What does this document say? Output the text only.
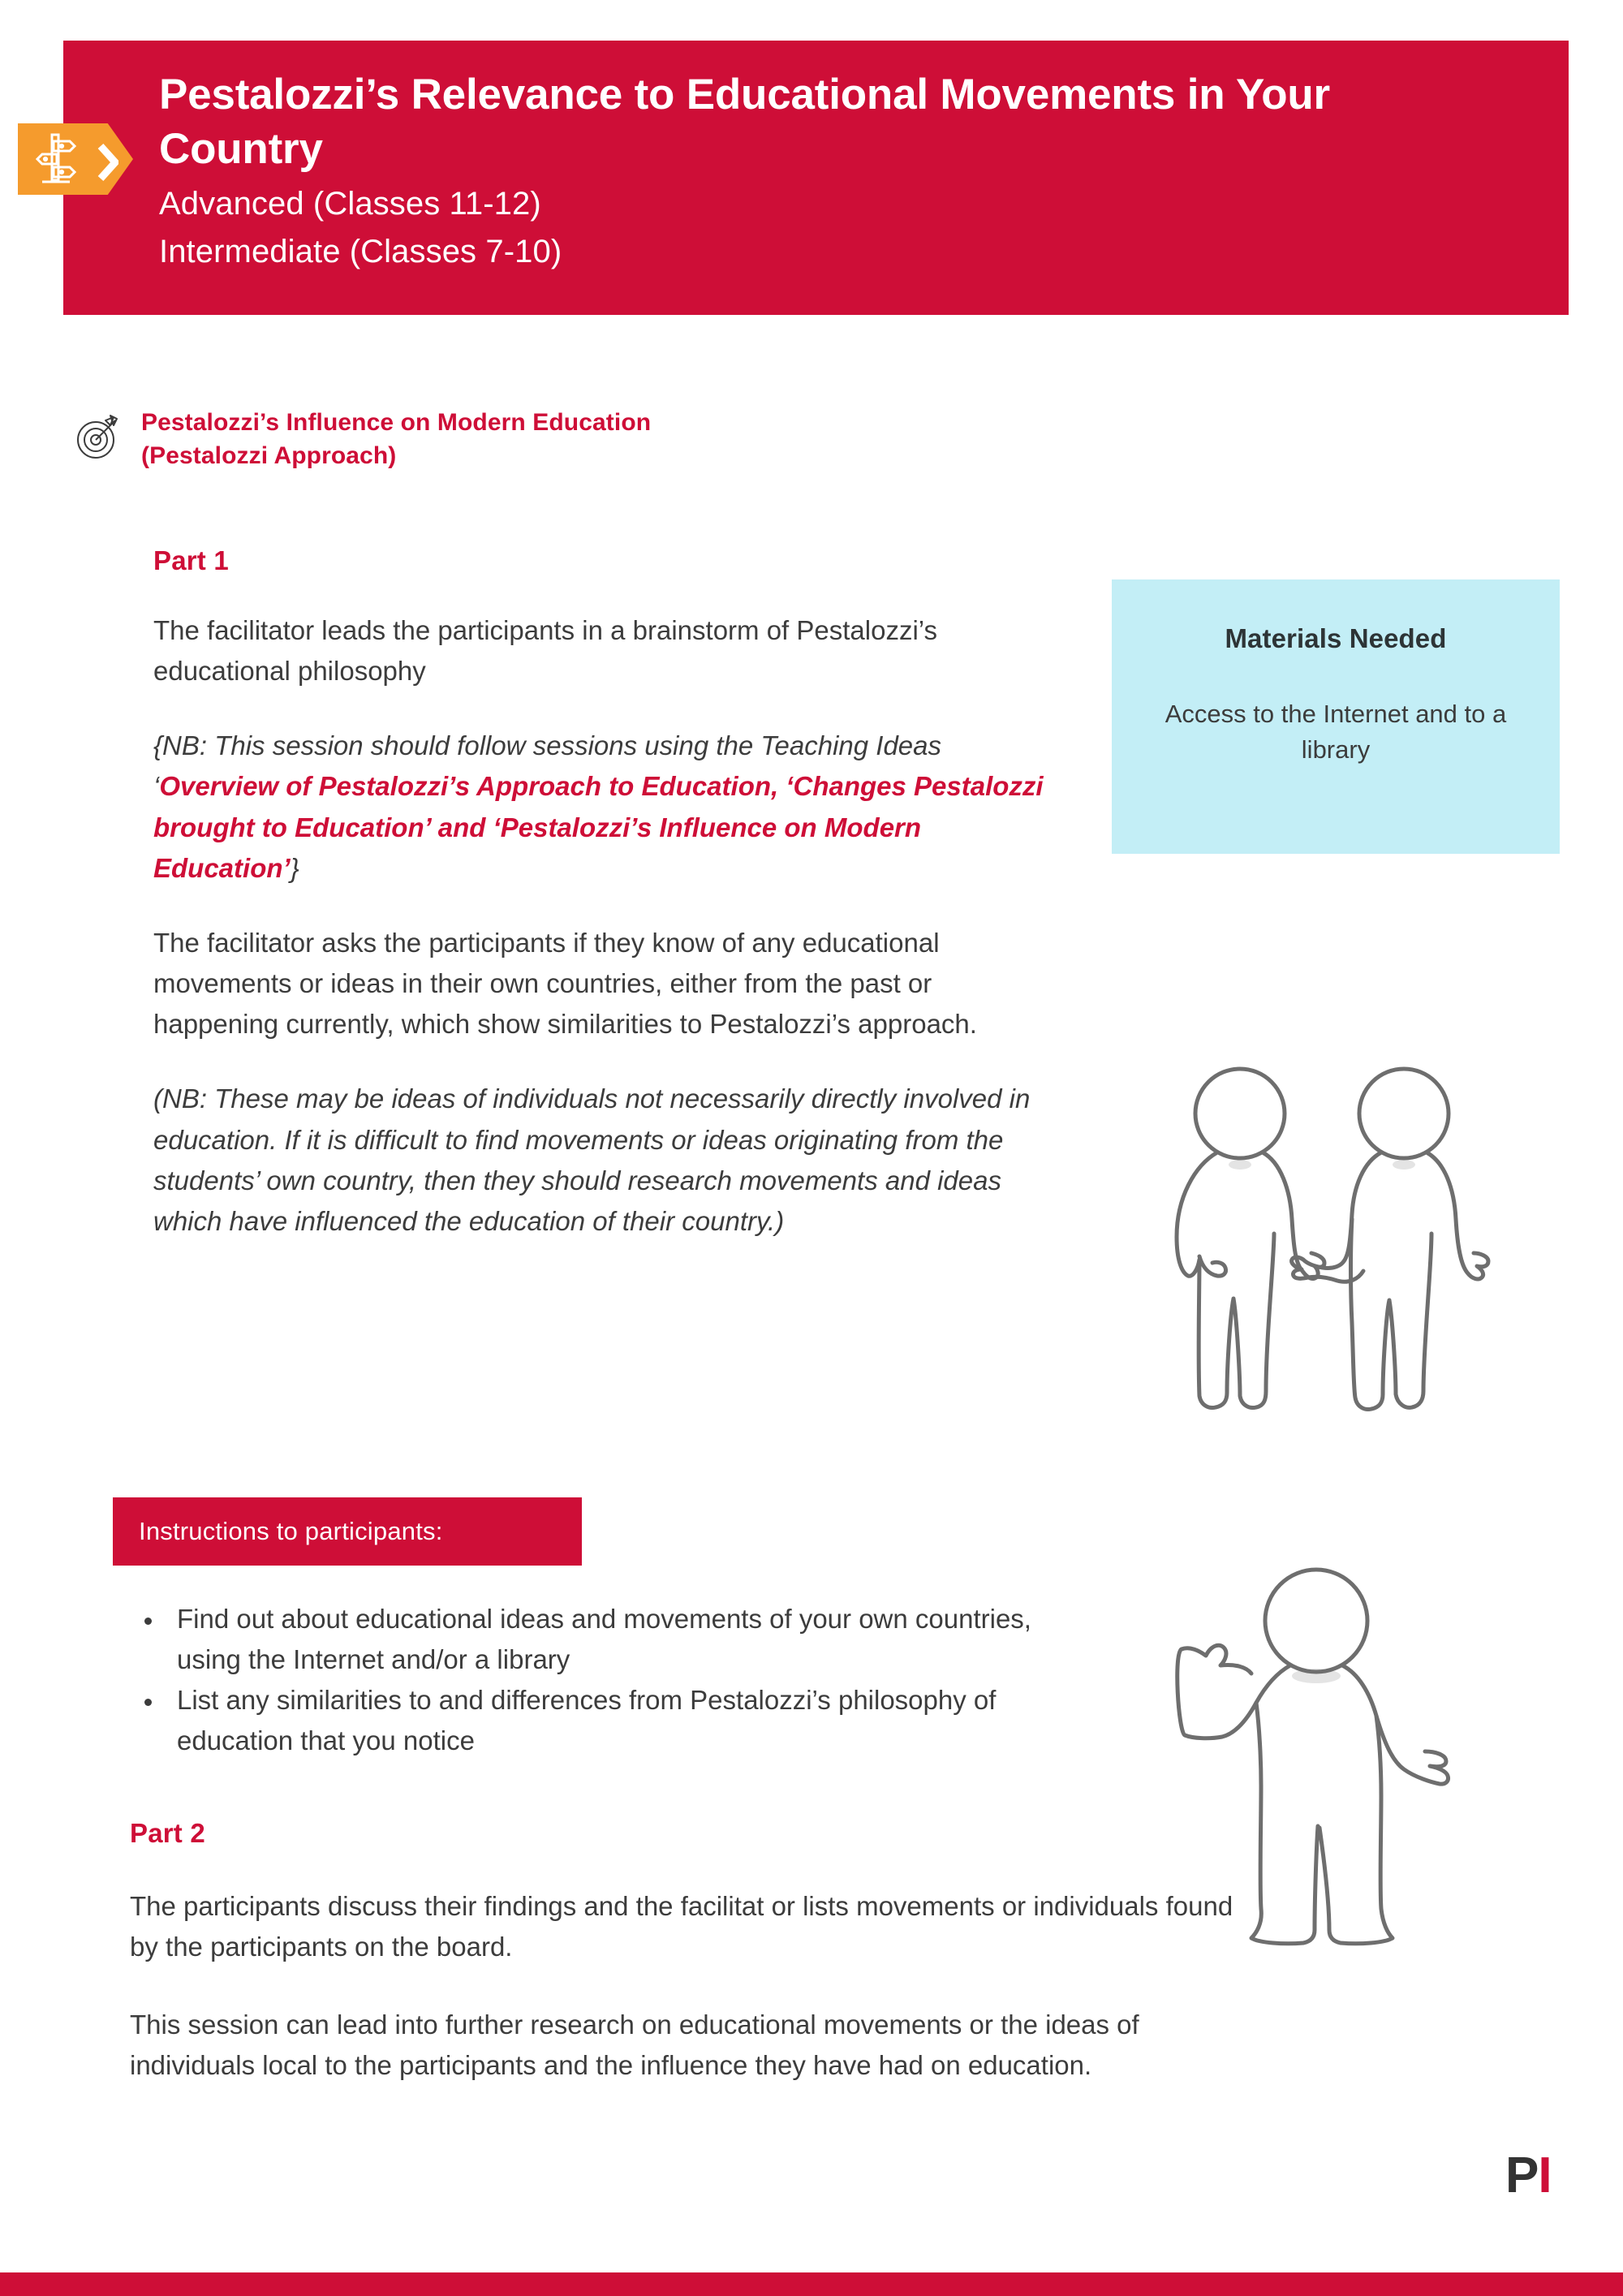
Pestalozzi’s Relevance to Educational Movements in Your Country
Advanced (Classes 11-12)
Intermediate (Classes 7-10)
Pestalozzi’s Influence on Modern Education
(Pestalozzi Approach)
Part 1

The facilitator leads the participants in a brainstorm of Pestalozzi’s educational philosophy

{NB: This session should follow sessions using the Teaching Ideas ‘Overview of Pestalozzi’s Approach to Education, ‘Changes Pestalozzi brought to Education’ and ‘Pestalozzi’s Influence on Modern Education’}

The facilitator asks the participants if they know of any educational movements or ideas in their own countries, either from the past or happening currently, which show similarities to Pestalozzi’s approach.

(NB: These may be ideas of individuals not necessarily directly involved in education. If it is difficult to find movements or ideas originating from the students’ own country, then they should research movements and ideas which have influenced the education of their country.)

Materials Needed
Access to the Internet and to a library
Instructions to participants:
• Find out about educational ideas and movements of your own countries, using the Internet and/or a library
• List any similarities to and differences from Pestalozzi’s philosophy of education that you notice
Part 2

The participants discuss their findings and the facilitat or lists movements or individuals found by the participants on the board.

This session can lead into further research on educational movements or the ideas of individuals local to the participants and the influence they have had on education.

PI
